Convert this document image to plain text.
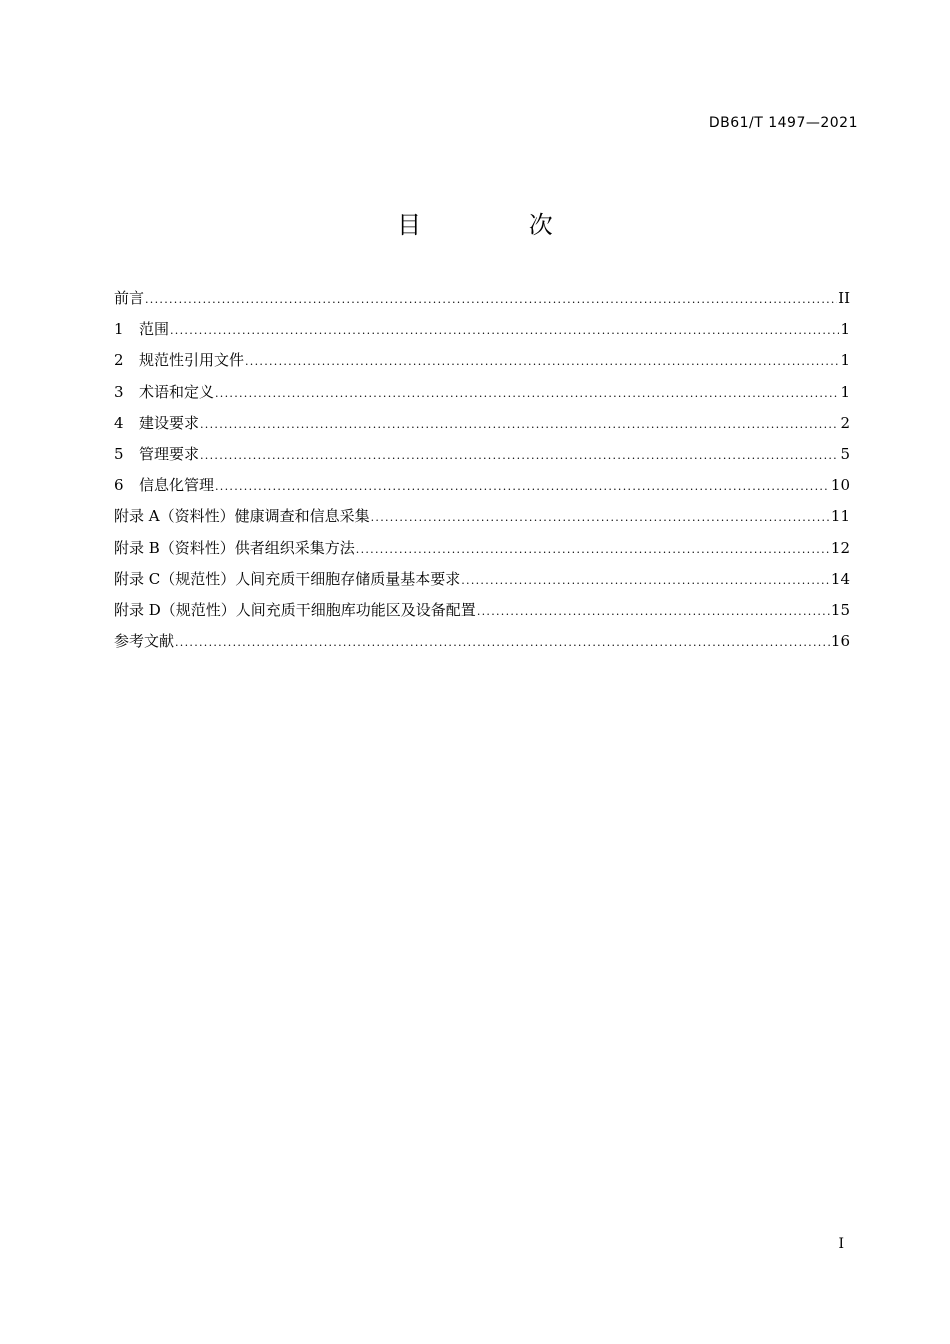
DB61/T 1497—2021
目 次
前言 .....	II
1 范围 .....	1
2 规范性引用文件 .....	1
3 术语和定义 .....	1
4 建设要求 .....	2
5 管理要求 .....	5
6 信息化管理 .....	10
附录 A（资料性）健康调查和信息采集 .....	11
附录 B（资料性）供者组织采集方法 .....	12
附录 C（规范性）人间充质干细胞存储质量基本要求 .....	14
附录 D（规范性）人间充质干细胞库功能区及设备配置 .....	15
参考文献 .....	16
I
